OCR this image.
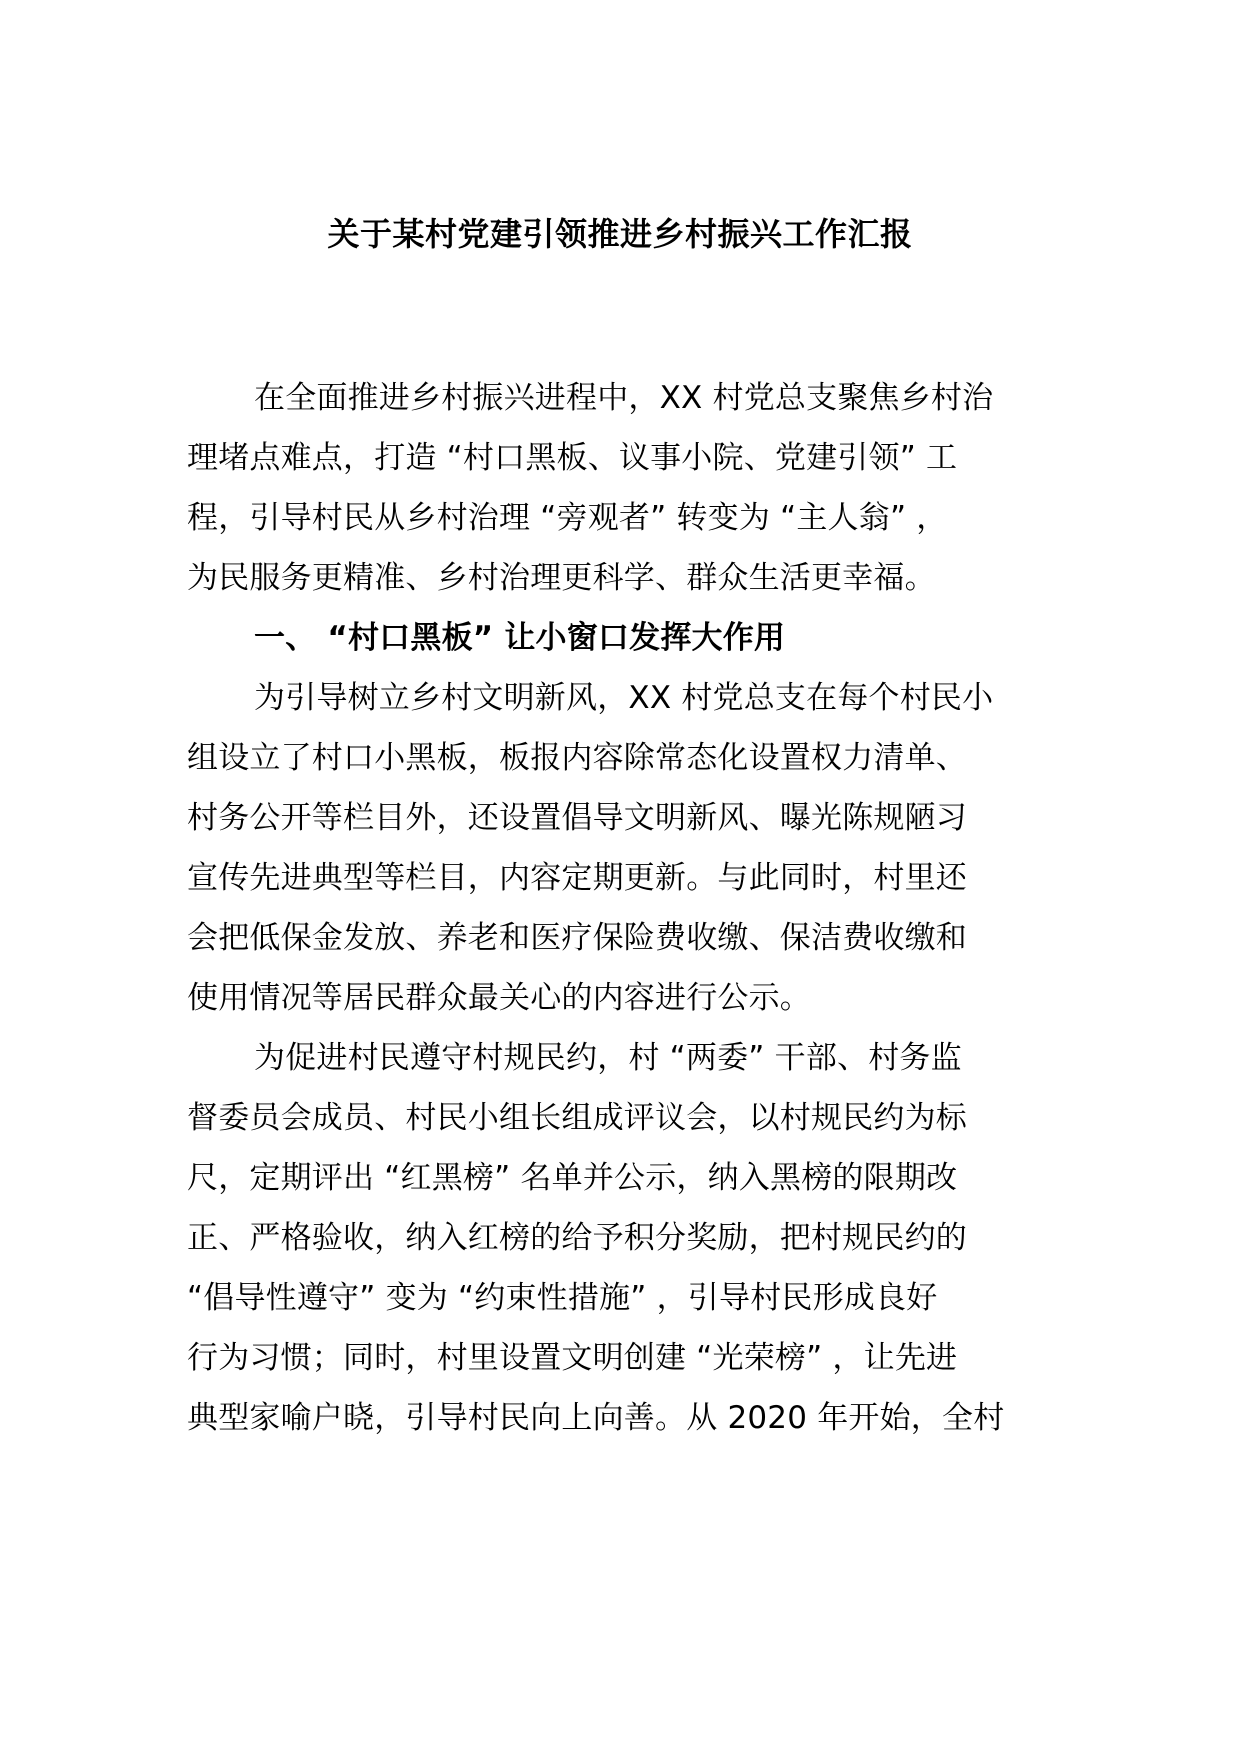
关于某村党建引领推进乡村振兴工作汇报
在全面推进乡村振兴进程中，XX 村党总支聚焦乡村治
理堵点难点，打造 “村口黑板、议事小院、党建引领” 工
程，引导村民从乡村治理 “旁观者” 转变为 “主人翁” ，
为民服务更精准、乡村治理更科学、群众生活更幸福。
一、 “村口黑板” 让小窗口发挥大作用
为引导树立乡村文明新风，XX 村党总支在每个村民小
组设立了村口小黑板，板报内容除常态化设置权力清单、
村务公开等栏目外，还设置倡导文明新风、曝光陈规陋习
宣传先进典型等栏目，内容定期更新。与此同时，村里还
会把低保金发放、养老和医疗保险费收缴、保洁费收缴和
使用情况等居民群众最关心的内容进行公示。
为促进村民遵守村规民约，村 “两委” 干部、村务监
督委员会成员、村民小组长组成评议会，以村规民约为标
尺，定期评出 “红黑榜” 名单并公示，纳入黑榜的限期改
正、严格验收，纳入红榜的给予积分奖励，把村规民约的
“倡导性遵守” 变为 “约束性措施” ，引导村民形成良好
行为习惯；同时，村里设置文明创建 “光荣榜” ，让先进
典型家喻户晓，引导村民向上向善。从 2020 年开始，全村
